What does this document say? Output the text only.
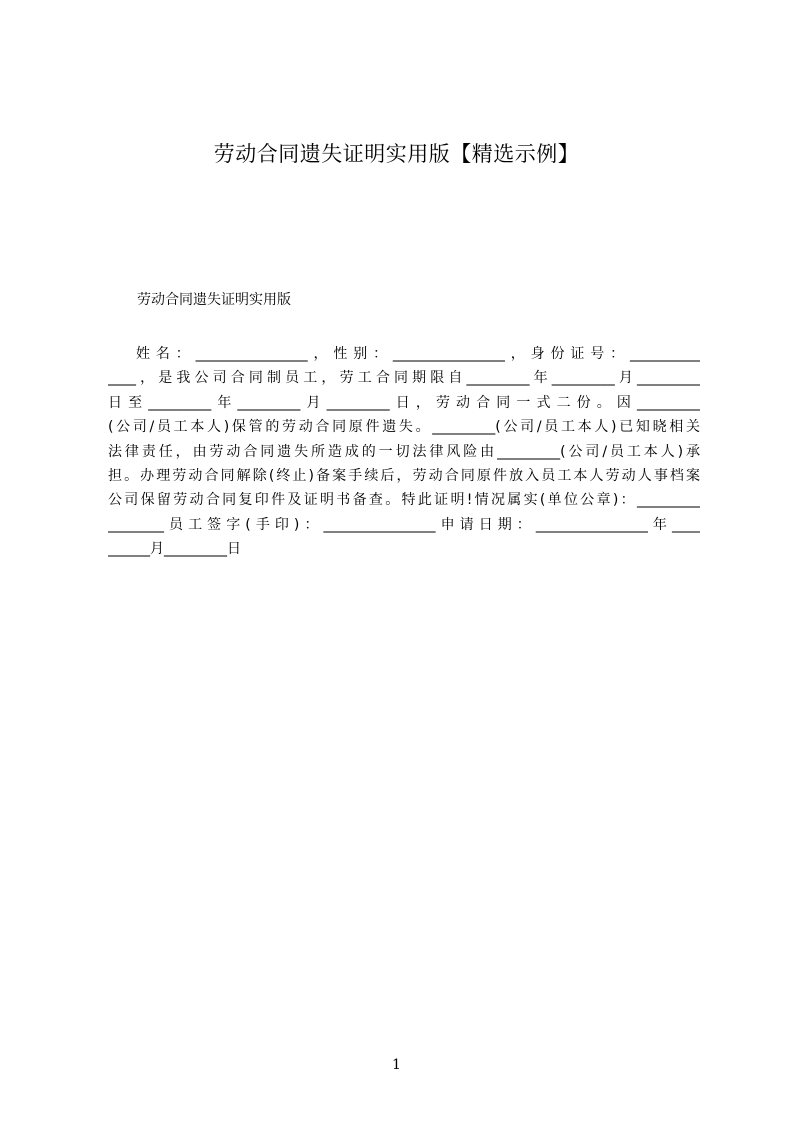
劳动合同遗失证明实用版【精选示例】
劳动合同遗失证明实用版
姓名：________________，性别：________________，身份证号：__________
____，是我公司合同制员工，劳工合同期限自_________年_________月_________
日至_________年_________月_________日，劳动合同一式二份。因_________
(公司/员工本人)保管的劳动合同原件遗失。_________(公司/员工本人)已知晓相关
法律责任，由劳动合同遗失所造成的一切法律风险由_________(公司/员工本人)承
担。办理劳动合同解除(终止)备案手续后，劳动合同原件放入员工本人劳动人事档案
公司保留劳动合同复印件及证明书备查。特此证明!情况属实(单位公章)：_________
________员工签字(手印)：________________申请日期：________________年____
______月_________日
1
